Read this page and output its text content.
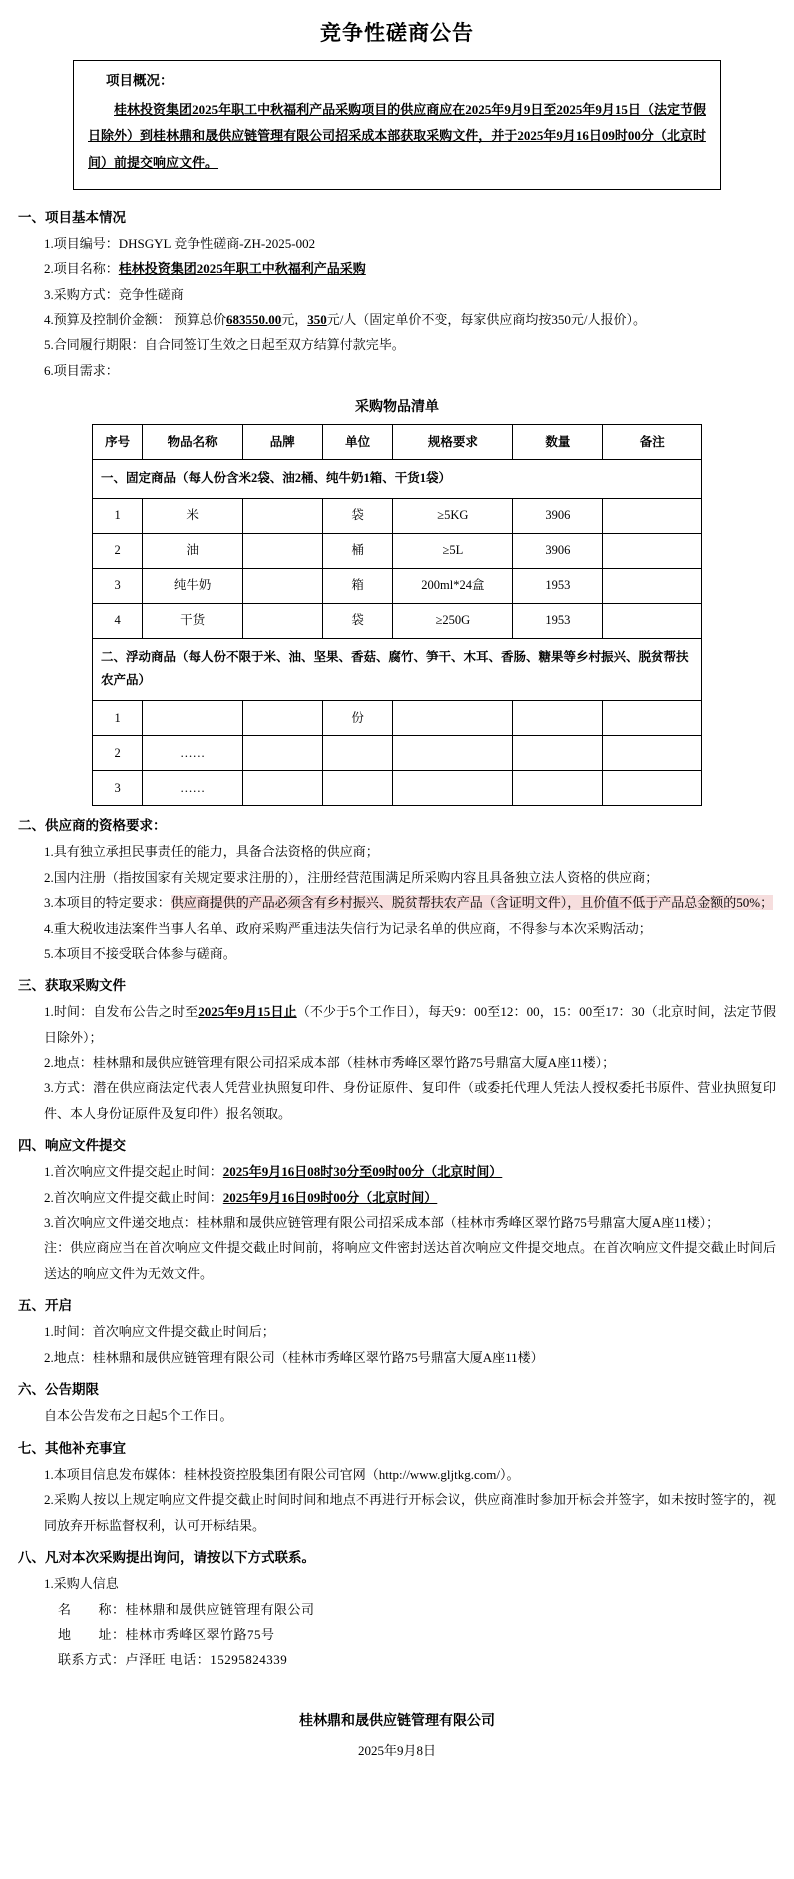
竞争性磋商公告
项目概况：
桂林投资集团2025年职工中秋福利产品采购项目的供应商应在2025年9月9日至2025年9月15日（法定节假日除外）到桂林鼎和晟供应链管理有限公司招采成本部获取采购文件，并于2025年9月16日09时00分（北京时间）前提交响应文件。
一、项目基本情况
1.项目编号：DHSGYL 竞争性磋商-ZH-2025-002
2.项目名称：桂林投资集团2025年职工中秋福利产品采购
3.采购方式：竞争性磋商
4.预算及控制价金额： 预算总价683550.00元，350元/人（固定单价不变，每家供应商均按350元/人报价）。
5.合同履行期限：自合同签订生效之日起至双方结算付款完毕。
6.项目需求：
采购物品清单
序号	物品名称	品牌	单位	规格要求	数量	备注
一、固定商品（每人份含米2袋、油2桶、纯牛奶1箱、干货1袋）						
1	米		袋	≥5KG	3906	
2	油		桶	≥5L	3906	
3	纯牛奶		箱	200ml*24盒	1953	
4	干货		袋	≥250G	1953	
二、浮动商品（每人份不限于米、油、坚果、香菇、腐竹、笋干、木耳、香肠、糖果等乡村振兴、脱贫帮扶农产品）						
1			份			
2	……					
3	……					
二、供应商的资格要求：
1.具有独立承担民事责任的能力，具备合法资格的供应商；
2.国内注册（指按国家有关规定要求注册的），注册经营范围满足所采购内容且具备独立法人资格的供应商；
3.本项目的特定要求：供应商提供的产品必须含有乡村振兴、脱贫帮扶农产品（含证明文件），且价值不低于产品总金额的50%；
4.重大税收违法案件当事人名单、政府采购严重违法失信行为记录名单的供应商，不得参与本次采购活动；
5.本项目不接受联合体参与磋商。
三、获取采购文件
1.时间：自发布公告之时至2025年9月15日止（不少于5个工作日），每天9：00至12：00，15：00至17：30（北京时间，法定节假日除外）；
2.地点：桂林鼎和晟供应链管理有限公司招采成本部（桂林市秀峰区翠竹路75号鼎富大厦A座11楼）；
3.方式：潜在供应商法定代表人凭营业执照复印件、身份证原件、复印件（或委托代理人凭法人授权委托书原件、营业执照复印件、本人身份证原件及复印件）报名领取。
四、响应文件提交
1.首次响应文件提交起止时间：2025年9月16日08时30分至09时00分（北京时间）
2.首次响应文件提交截止时间：2025年9月16日09时00分（北京时间）
3.首次响应文件递交地点：桂林鼎和晟供应链管理有限公司招采成本部（桂林市秀峰区翠竹路75号鼎富大厦A座11楼）；
注：供应商应当在首次响应文件提交截止时间前，将响应文件密封送达首次响应文件提交地点。在首次响应文件提交截止时间后送达的响应文件为无效文件。
五、开启
1.时间：首次响应文件提交截止时间后；
2.地点：桂林鼎和晟供应链管理有限公司（桂林市秀峰区翠竹路75号鼎富大厦A座11楼）
六、公告期限
自本公告发布之日起5个工作日。
七、其他补充事宜
1.本项目信息发布媒体：桂林投资控股集团有限公司官网（http://www.gljtkg.com/）。
2.采购人按以上规定响应文件提交截止时间时间和地点不再进行开标会议，供应商准时参加开标会并签字，如未按时签字的，视同放弃开标监督权利，认可开标结果。
八、凡对本次采购提出询问，请按以下方式联系。
1.采购人信息
名　　称：桂林鼎和晟供应链管理有限公司
地　　址：桂林市秀峰区翠竹路75号
联系方式：卢泽旺 电话：15295824339
桂林鼎和晟供应链管理有限公司
2025年9月8日
